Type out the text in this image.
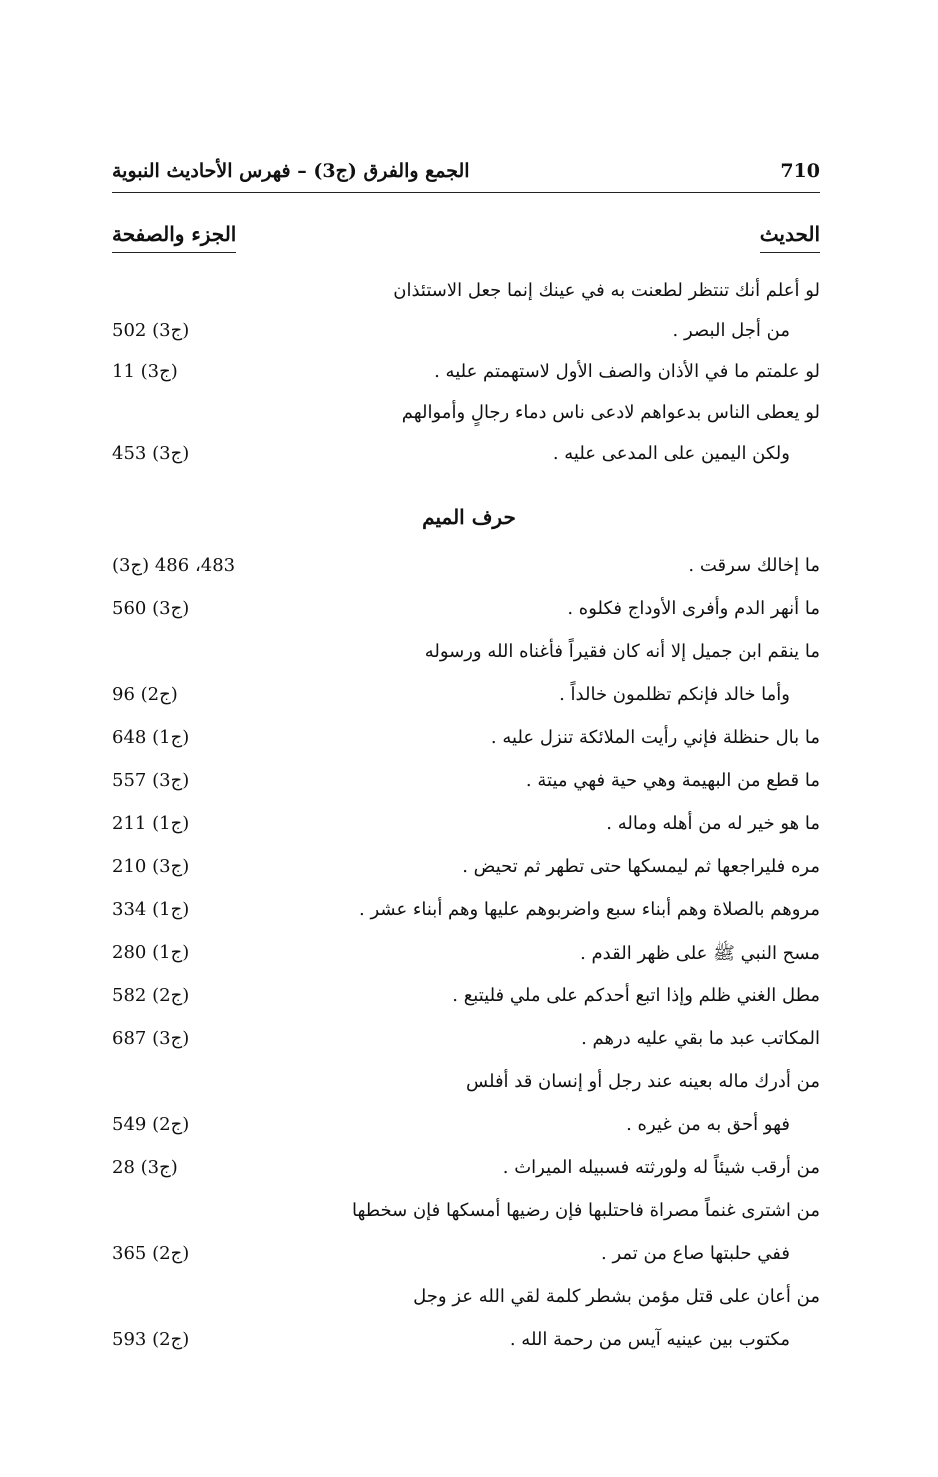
710
الجمع والفرق (ج3) – فهرس الأحاديث النبوية
الحديث
الجزء والصفحة
لو أعلم أنك تنتظر لطعنت به في عينك إنما جعل الاستئذان
من أجل البصر .
502 (ج3)
لو علمتم ما في الأذان والصف الأول لاستهمتم عليه .
11 (ج3)
لو يعطى الناس بدعواهم لادعى ناس دماء رجالٍ وأموالهم
ولكن اليمين على المدعى عليه .
453 (ج3)
حرف الميم
ما إخالك سرقت .
(ج3) 483، 486
ما أنهر الدم وأفرى الأوداج فكلوه .
560 (ج3)
ما ينقم ابن جميل إلا أنه كان فقيراً فأغناه الله ورسوله
وأما خالد فإنكم تظلمون خالداً .
96 (ج2)
ما بال حنظلة فإني رأيت الملائكة تنزل عليه .
648 (ج1)
ما قطع من البهيمة وهي حية فهي ميتة .
557 (ج3)
ما هو خير له من أهله وماله .
211 (ج1)
مره فليراجعها ثم ليمسكها حتى تطهر ثم تحيض .
210 (ج3)
مروهم بالصلاة وهم أبناء سبع واضربوهم عليها وهم أبناء عشر .
334 (ج1)
مسح النبي ﷺ على ظهر القدم .
280 (ج1)
مطل الغني ظلم وإذا اتبع أحدكم على ملي فليتبع .
582 (ج2)
المكاتب عبد ما بقي عليه درهم .
687 (ج3)
من أدرك ماله بعينه عند رجل أو إنسان قد أفلس
فهو أحق به من غيره .
549 (ج2)
من أرقب شيئاً له ولورثته فسبيله الميراث .
28 (ج3)
من اشترى غنماً مصراة فاحتلبها فإن رضيها أمسكها فإن سخطها
ففي حلبتها صاع من تمر .
365 (ج2)
من أعان على قتل مؤمن بشطر كلمة لقي الله عز وجل
مكتوب بين عينيه آيس من رحمة الله .
593 (ج2)
